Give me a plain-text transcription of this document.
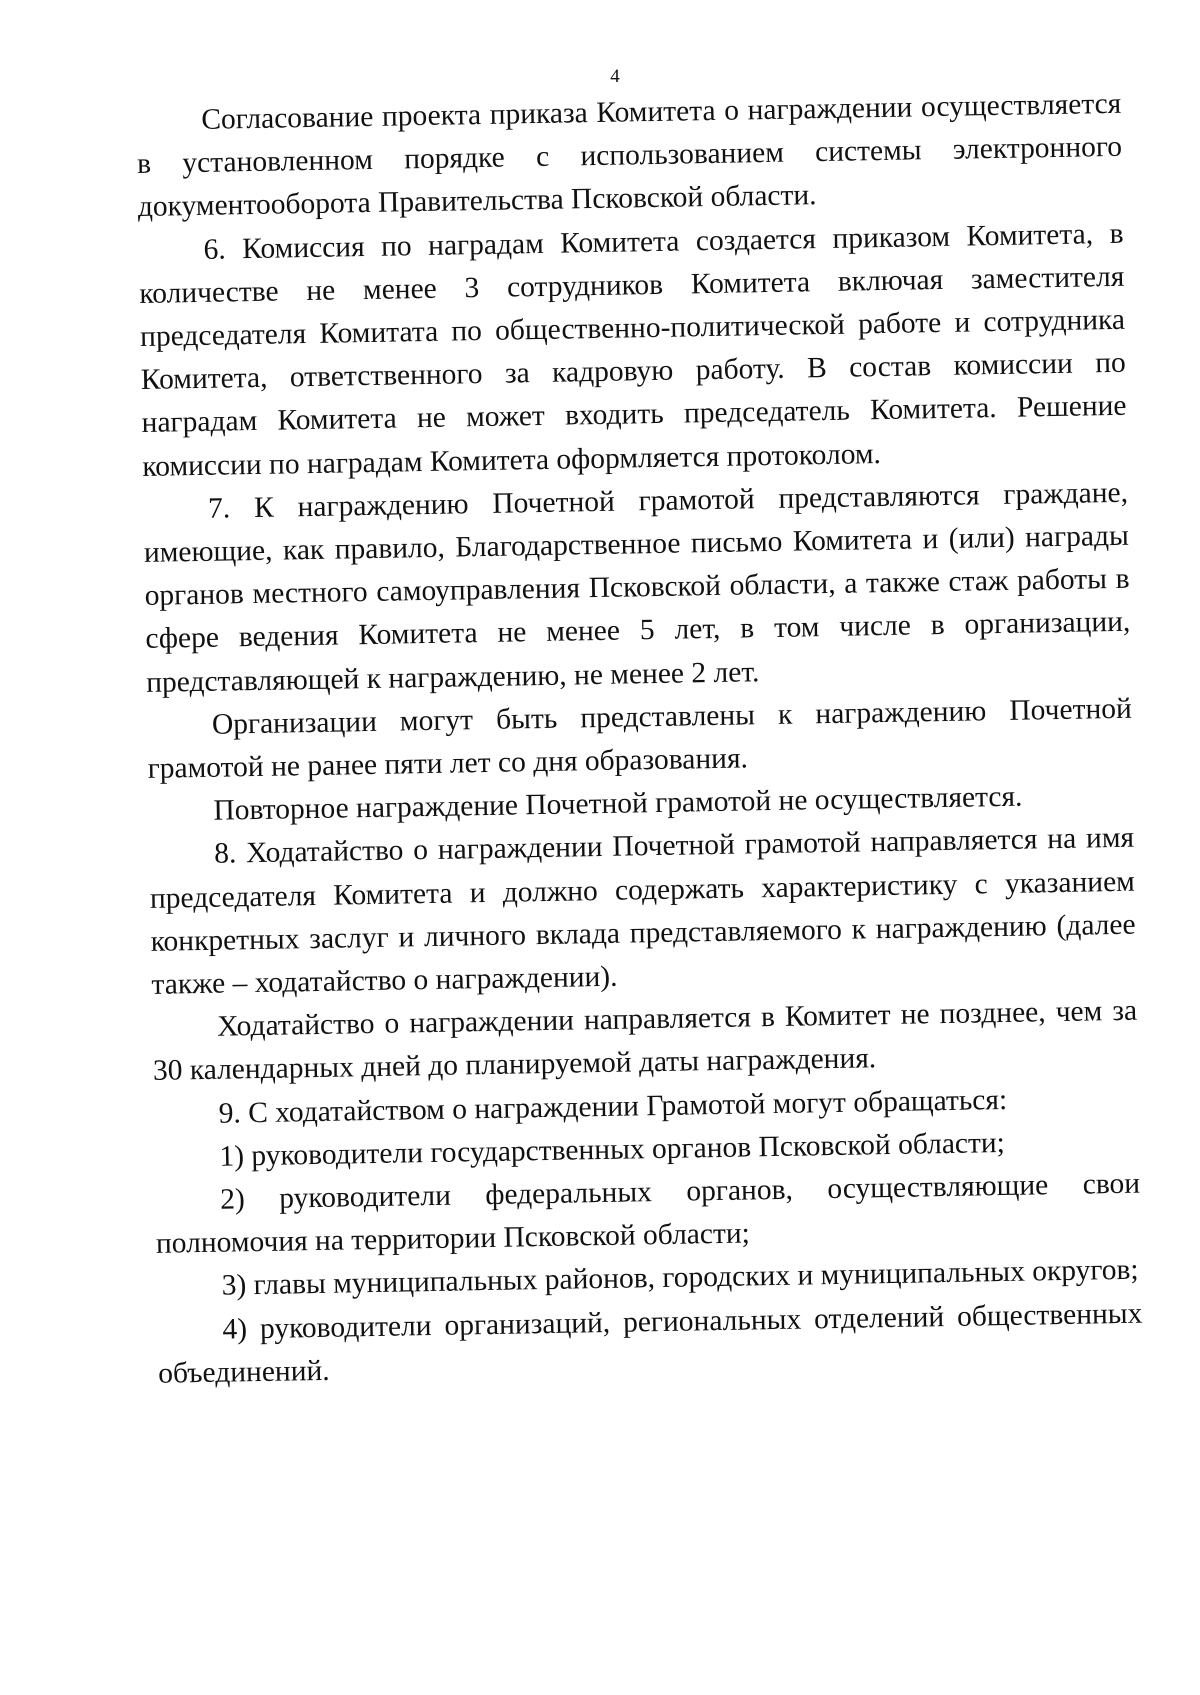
4

Согласование проекта приказа Комитета о награждении осуществляется в установленном порядке с использованием системы электронного документооборота Правительства Псковской области.

6. Комиссия по наградам Комитета создается приказом Комитета, в количестве не менее 3 сотрудников Комитета включая заместителя председателя Комитата по общественно-политической работе и сотрудника Комитета, ответственного за кадровую работу. В состав комиссии по наградам Комитета не может входить председатель Комитета. Решение комиссии по наградам Комитета оформляется протоколом.

7. К награждению Почетной грамотой представляются граждане, имеющие, как правило, Благодарственное письмо Комитета и (или) награды органов местного самоуправления Псковской области, а также стаж работы в сфере ведения Комитета не менее 5 лет, в том числе в организации, представляющей к награждению, не менее 2 лет.

Организации могут быть представлены к награждению Почетной грамотой не ранее пяти лет со дня образования.

Повторное награждение Почетной грамотой не осуществляется.

8. Ходатайство о награждении Почетной грамотой направляется на имя председателя Комитета и должно содержать характеристику с указанием конкретных заслуг и личного вклада представляемого к награждению (далее также – ходатайство о награждении).

Ходатайство о награждении направляется в Комитет не позднее, чем за 30 календарных дней до планируемой даты награждения.

9. С ходатайством о награждении Грамотой могут обращаться:

1) руководители государственных органов Псковской области;

2) руководители федеральных органов, осуществляющие свои полномочия на территории Псковской области;

3) главы муниципальных районов, городских и муниципальных округов;

4) руководители организаций, региональных отделений общественных объединений.
